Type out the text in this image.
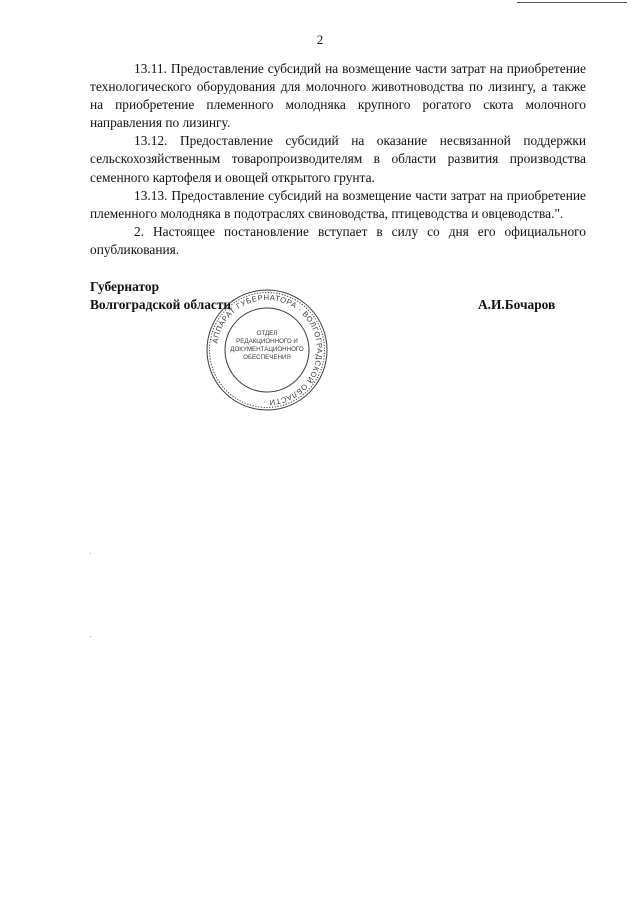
2

13.11. Предоставление субсидий на возмещение части затрат на приобретение технологического оборудования для молочного животноводства по лизингу, а также на приобретение племенного молодняка крупного рогатого скота молочного направления по лизингу.

13.12. Предоставление субсидий на оказание несвязанной поддержки сельскохозяйственным товаропроизводителям в области развития производства семенного картофеля и овощей открытого грунта.

13.13. Предоставление субсидий на возмещение части затрат на приобретение племенного молодняка в подотраслях свиноводства, птицеводства и овцеводства.".

2. Настоящее постановление вступает в силу со дня его официального опубликования.

Губернатор
Волгоградской области	А.И.Бочаров
АППАРАТ ГУБЕРНАТОРА · ВОЛГОГРАДСКОЙ ОБЛАСТИ ·
ОТДЕЛ
РЕДАКЦИОННОГО И
ДОКУМЕНТАЦИОННОГО
ОБЕСПЕЧЕНИЯ
